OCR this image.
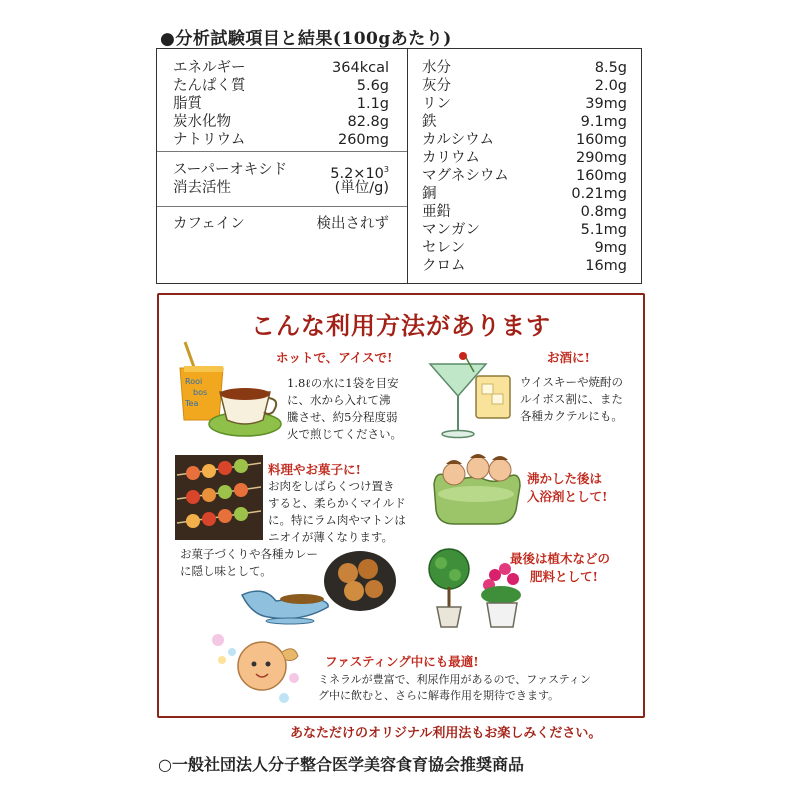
●分析試験項目と結果(100gあたり)
エネルギー	364kcal
たんぱく質	5.6g
脂質	1.1g
炭水化物	82.8g
ナトリウム	260mg
スーパーオキシド	$5.2\times 10^3$
消去活性	(単位/g)
カフェイン	検出されず
水分	8.5g
灰分	2.0g
リン	39mg
鉄	9.1mg
カルシウム	160mg
カリウム	290mg
マグネシウム	160mg
銅	0.21mg
亜鉛	0.8mg
マンガン	5.1mg
セレン	9mg
クロム	16mg
こんな利用方法があります
Rooi
bos
Tea
ホットで、アイスで!
1.8ℓの水に1袋を目安
に、水から入れて沸
騰させ、約5分程度弱
火で煎じてください。
お酒に!
ウイスキーや焼酎の
ルイボス割に、また
各種カクテルにも。
料理やお菓子に!
お肉をしばらくつけ置き
すると、柔らかくマイルド
に。特にラム肉やマトンは
ニオイが薄くなります。
お菓子づくりや各種カレー
に隠し味として。
沸かした後は
入浴剤として!
最後は植木などの
肥料として!
ファスティング中にも最適!
ミネラルが豊富で、利尿作用があるので、ファスティン
グ中に飲むと、さらに解毒作用を期待できます。
あなただけのオリジナル利用法もお楽しみください。
○一般社団法人分子整合医学美容食育協会推奨商品
